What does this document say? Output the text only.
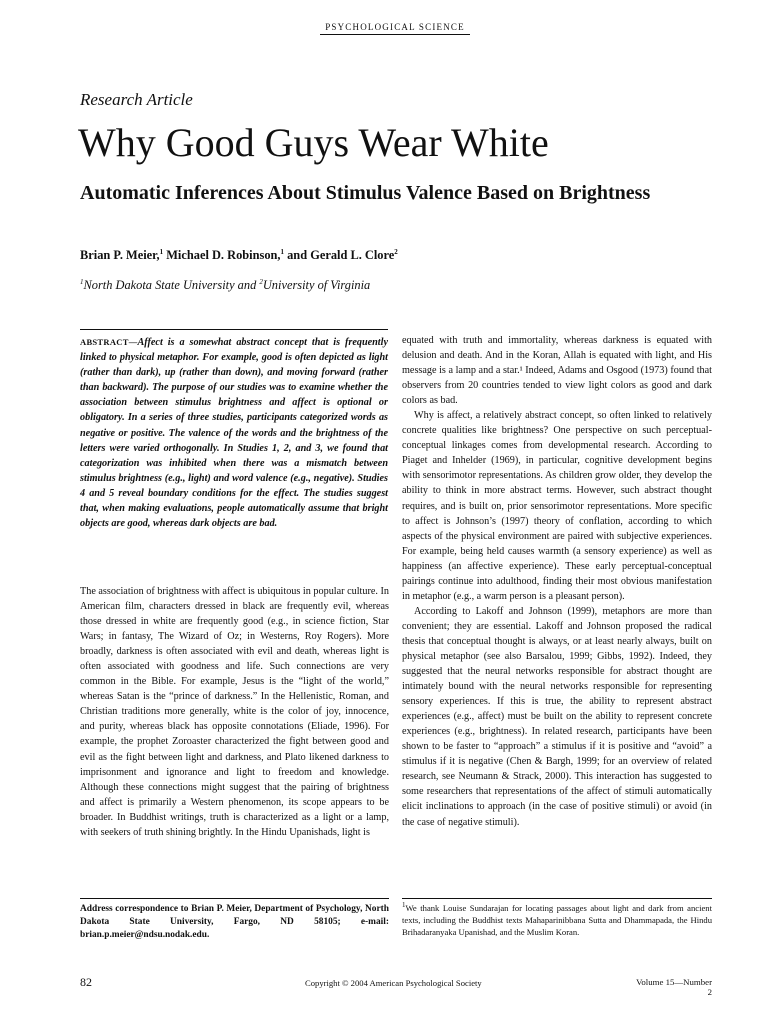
PSYCHOLOGICAL SCIENCE
Research Article
Why Good Guys Wear White
Automatic Inferences About Stimulus Valence Based on Brightness
Brian P. Meier,$^1$ Michael D. Robinson,$^1$ and Gerald L. Clore$^2$
$^1$North Dakota State University and $^2$University of Virginia
ABSTRACT—Affect is a somewhat abstract concept that is frequently linked to physical metaphor. For example, good is often depicted as light (rather than dark), up (rather than down), and moving forward (rather than backward). The purpose of our studies was to examine whether the association between stimulus brightness and affect is optional or obligatory. In a series of three studies, participants categorized words as negative or positive. The valence of the words and the brightness of the letters were varied orthogonally. In Studies 1, 2, and 3, we found that categorization was inhibited when there was a mismatch between stimulus brightness (e.g., light) and word valence (e.g., negative). Studies 4 and 5 reveal boundary conditions for the effect. The studies suggest that, when making evaluations, people automatically assume that bright objects are good, whereas dark objects are bad.

The association of brightness with affect is ubiquitous in popular culture. In American film, characters dressed in black are frequently evil, whereas those dressed in white are frequently good (e.g., in science fiction, Star Wars; in fantasy, The Wizard of Oz; in Westerns, Roy Rogers). More broadly, darkness is often associated with evil and death, whereas light is often associated with goodness and life. Such connections are very common in the Bible. For example, Jesus is the “light of the world,” whereas Satan is the “prince of darkness.” In the Hellenistic, Roman, and Christian traditions more generally, white is the color of joy, innocence, and purity, whereas black has opposite connotations (Eliade, 1996). For example, the prophet Zoroaster characterized the fight between good and evil as the fight between light and darkness, and Plato likened darkness to imprisonment and ignorance and light to freedom and knowledge. Although these connections might suggest that the pairing of brightness and affect is primarily a Western phenomenon, its scope appears to be broader. In Buddhist writings, truth is characterized as a light or a lamp, with seekers of truth shining brightly. In the Hindu Upanishads, light is

equated with truth and immortality, whereas darkness is equated with delusion and death. And in the Koran, Allah is equated with light, and His message is a lamp and a star.¹ Indeed, Adams and Osgood (1973) found that observers from 20 countries tended to view light colors as good and dark colors as bad.

Why is affect, a relatively abstract concept, so often linked to relatively concrete qualities like brightness? One perspective on such perceptual-conceptual linkages comes from developmental research. According to Piaget and Inhelder (1969), in particular, cognitive development begins with sensorimotor representations. As children grow older, they develop the ability to think in more abstract terms. However, such abstract thought requires, and is built on, prior sensorimotor representations. More specific to affect is Johnson’s (1997) theory of conflation, according to which aspects of the physical environment are paired with subjective experiences. For example, being held causes warmth (a sensory experience) as well as happiness (an affective experience). These early perceptual-conceptual pairings continue into adulthood, finding their most obvious manifestation in metaphor (e.g., a warm person is a pleasant person).

According to Lakoff and Johnson (1999), metaphors are more than convenient; they are essential. Lakoff and Johnson proposed the radical thesis that conceptual thought is always, or at least nearly always, built on physical metaphor (see also Barsalou, 1999; Gibbs, 1992). Indeed, they suggested that the neural networks responsible for abstract thought are intimately bound with the neural networks responsible for representing sensory experiences. If this is true, the ability to represent abstract experiences (e.g., affect) must be built on the ability to represent concrete experiences (e.g., brightness). In related research, participants have been shown to be faster to “approach” a stimulus if it is positive and “avoid” a stimulus if it is negative (Chen & Bargh, 1999; for an overview of related research, see Neumann & Strack, 2000). This interaction has suggested to some researchers that representations of the affect of stimuli automatically elicit inclinations to approach (in the case of positive stimuli) or avoid (in the case of negative stimuli).

Address correspondence to Brian P. Meier, Department of Psychology, North Dakota State University, Fargo, ND 58105; e-mail: brian.p.meier@ndsu.nodak.edu.
$^1$We thank Louise Sundarajan for locating passages about light and dark from ancient texts, including the Buddhist texts Mahaparinibbana Sutta and Dhammapada, the Hindu Brihadaranyaka Upanishad, and the Muslim Koran.
82	Copyright © 2004 American Psychological Society	Volume 15—Number 2
